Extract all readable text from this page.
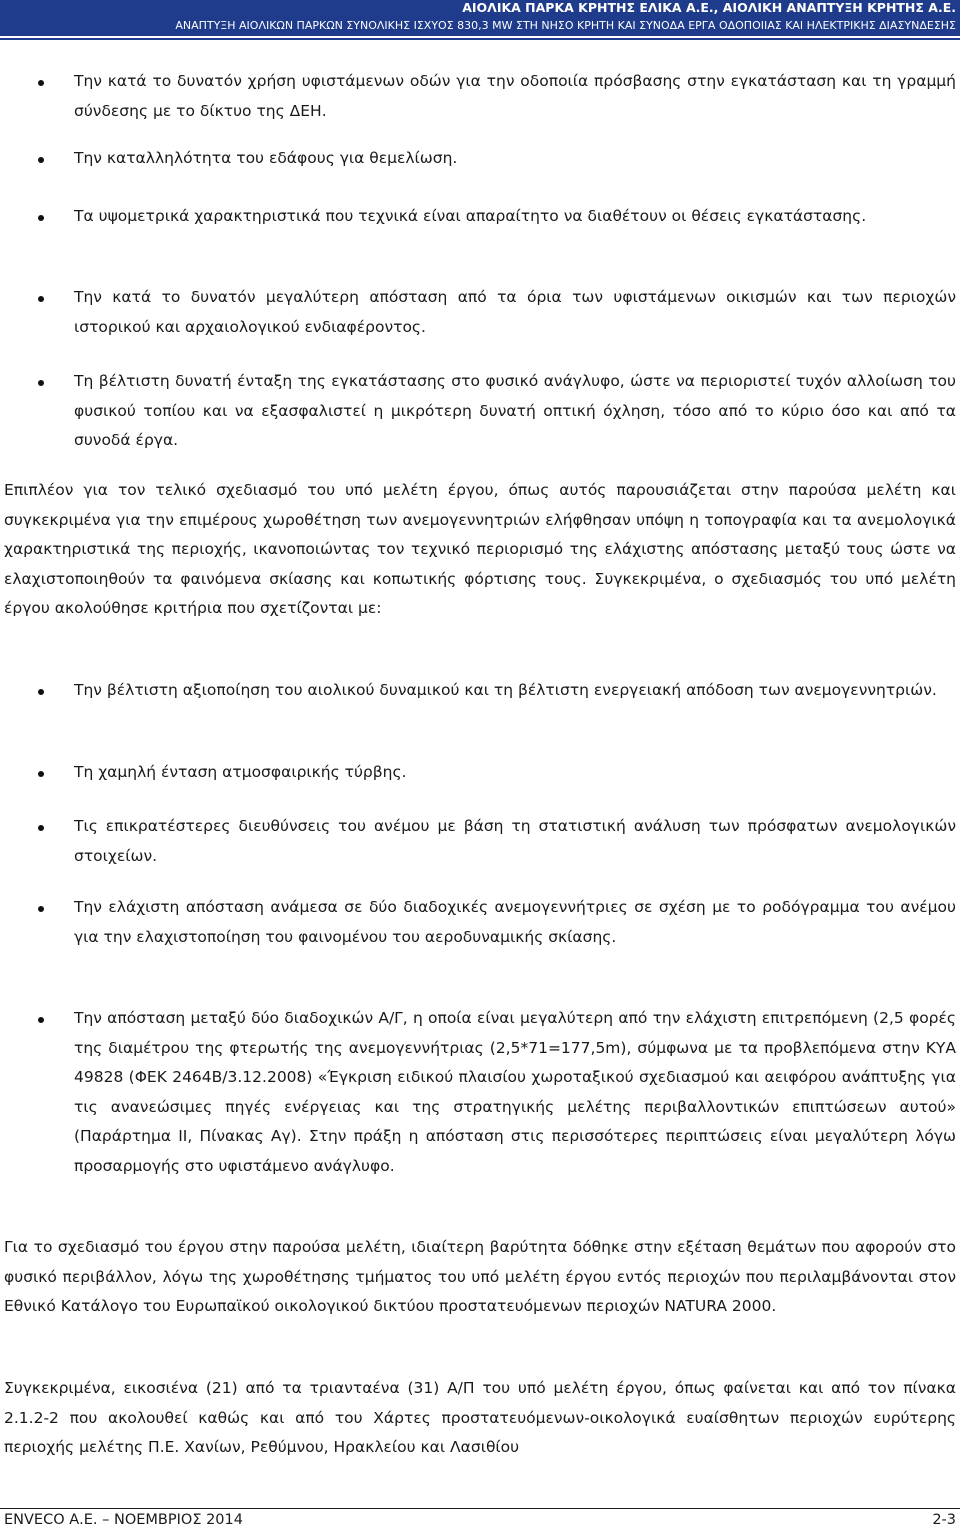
ΑΙΟΛΙΚΑ ΠΑΡΚΑ ΚΡΗΤΗΣ ΕΛΙΚΑ Α.Ε., ΑΙΟΛΙΚΗ ΑΝΑΠΤΥΞΗ ΚΡΗΤΗΣ Α.Ε.
ΑΝΑΠΤΥΞΗ ΑΙΟΛΙΚΩΝ ΠΑΡΚΩΝ ΣΥΝΟΛΙΚΗΣ ΙΣΧΥΟΣ 830,3 MW ΣΤΗ ΝΗΣΟ ΚΡΗΤΗ ΚΑΙ ΣΥΝΟΔΑ ΕΡΓΑ ΟΔΟΠΟΙΙΑΣ ΚΑΙ ΗΛΕΚΤΡΙΚΗΣ ΔΙΑΣΥΝΔΕΣΗΣ

Την κατά το δυνατόν χρήση υφιστάμενων οδών για την οδοποιία πρόσβασης στην εγκατάσταση και τη γραμμή σύνδεσης με το δίκτυο της ΔΕΗ.

Την καταλληλότητα του εδάφους για θεμελίωση.

Τα υψομετρικά χαρακτηριστικά που τεχνικά είναι απαραίτητο να διαθέτουν οι θέσεις εγκατάστασης.

Την κατά το δυνατόν μεγαλύτερη απόσταση από τα όρια των υφιστάμενων οικισμών και των περιοχών ιστορικού και αρχαιολογικού ενδιαφέροντος.

Τη βέλτιστη δυνατή ένταξη της εγκατάστασης στο φυσικό ανάγλυφο, ώστε να περιοριστεί τυχόν αλλοίωση του φυσικού τοπίου και να εξασφαλιστεί η μικρότερη δυνατή οπτική όχληση, τόσο από το κύριο όσο και από τα συνοδά έργα.

Επιπλέον για τον τελικό σχεδιασμό του υπό μελέτη έργου, όπως αυτός παρουσιάζεται στην παρούσα μελέτη και συγκεκριμένα για την επιμέρους χωροθέτηση των ανεμογεννητριών ελήφθησαν υπόψη η τοπογραφία και τα ανεμολογικά χαρακτηριστικά της περιοχής, ικανοποιώντας τον τεχνικό περιορισμό της ελάχιστης απόστασης μεταξύ τους ώστε να ελαχιστοποιηθούν τα φαινόμενα σκίασης και κοπωτικής φόρτισης τους. Συγκεκριμένα, ο σχεδιασμός του υπό μελέτη έργου ακολούθησε κριτήρια που σχετίζονται με:

Την βέλτιστη αξιοποίηση του αιολικού δυναμικού και τη βέλτιστη ενεργειακή απόδοση των ανεμογεννητριών.

Τη χαμηλή ένταση ατμοσφαιρικής τύρβης.

Τις επικρατέστερες διευθύνσεις του ανέμου με βάση τη στατιστική ανάλυση των πρόσφατων ανεμολογικών στοιχείων.

Την ελάχιστη απόσταση ανάμεσα σε δύο διαδοχικές ανεμογεννήτριες σε σχέση με το ροδόγραμμα του ανέμου για την ελαχιστοποίηση του φαινομένου του αεροδυναμικής σκίασης.

Την απόσταση μεταξύ δύο διαδοχικών Α/Γ, η οποία είναι μεγαλύτερη από την ελάχιστη επιτρεπόμενη (2,5 φορές της διαμέτρου της φτερωτής της ανεμογεννήτριας (2,5*71=177,5m), σύμφωνα με τα προβλεπόμενα στην ΚΥΑ 49828 (ΦΕΚ 2464Β/3.12.2008) «Έγκριση ειδικού πλαισίου χωροταξικού σχεδιασμού και αειφόρου ανάπτυξης για τις ανανεώσιμες πηγές ενέργειας και της στρατηγικής μελέτης περιβαλλοντικών επιπτώσεων αυτού» (Παράρτημα ΙΙ, Πίνακας Αγ). Στην πράξη η απόσταση στις περισσότερες περιπτώσεις είναι μεγαλύτερη λόγω προσαρμογής στο υφιστάμενο ανάγλυφο.

Για το σχεδιασμό του έργου στην παρούσα μελέτη, ιδιαίτερη βαρύτητα δόθηκε στην εξέταση θεμάτων που αφορούν στο φυσικό περιβάλλον, λόγω της χωροθέτησης τμήματος του υπό μελέτη έργου εντός περιοχών που περιλαμβάνονται στον Εθνικό Κατάλογο του Ευρωπαϊκού οικολογικού δικτύου προστατευόμενων περιοχών NATURA 2000.

Συγκεκριμένα, εικοσιένα (21) από τα τριανταένα (31) Α/Π του υπό μελέτη έργου, όπως φαίνεται και από τον πίνακα 2.1.2-2 που ακολουθεί καθώς και από του Χάρτες προστατευόμενων-οικολογικά ευαίσθητων περιοχών ευρύτερης περιοχής μελέτης Π.Ε. Χανίων, Ρεθύμνου, Ηρακλείου και Λασιθίου

ENVECO Α.Ε. – ΝΟΕΜΒΡΙΟΣ 2014	2-3
